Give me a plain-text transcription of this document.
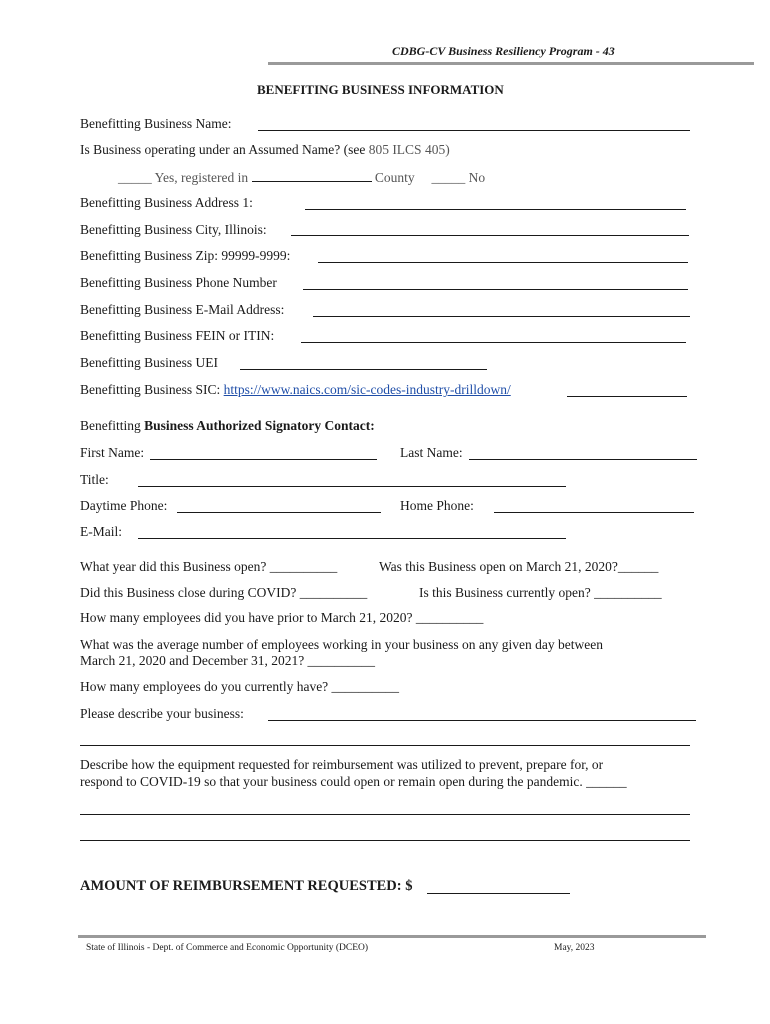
CDBG-CV Business Resiliency Program - 43
BENEFITING BUSINESS INFORMATION
Benefitting Business Name:
Is Business operating under an Assumed Name? (see 805 ILCS 405)
_____ Yes, registered in	County _____ No
Benefitting Business Address 1:
Benefitting Business City, Illinois:
Benefitting Business Zip: 99999-9999:
Benefitting Business Phone Number
Benefitting Business E-Mail Address:
Benefitting Business FEIN or ITIN:
Benefitting Business UEI
Benefitting Business SIC: https://www.naics.com/sic-codes-industry-drilldown/
Benefitting Business Authorized Signatory Contact:
First Name:	Last Name:
Title:
Daytime Phone:	Home Phone:
E-Mail:
What year did this Business open? __________	Was this Business open on March 21, 2020?______
Did this Business close during COVID? __________	Is this Business currently open? __________
How many employees did you have prior to March 21, 2020? __________
What was the average number of employees working in your business on any given day between
March 21, 2020 and December 31, 2021? __________
How many employees do you currently have? __________
Please describe your business:
Describe how the equipment requested for reimbursement was utilized to prevent, prepare for, or
respond to COVID-19 so that your business could open or remain open during the pandemic. ______
AMOUNT OF REIMBURSEMENT REQUESTED: $
State of Illinois - Dept. of Commerce and Economic Opportunity (DCEO)	May, 2023
